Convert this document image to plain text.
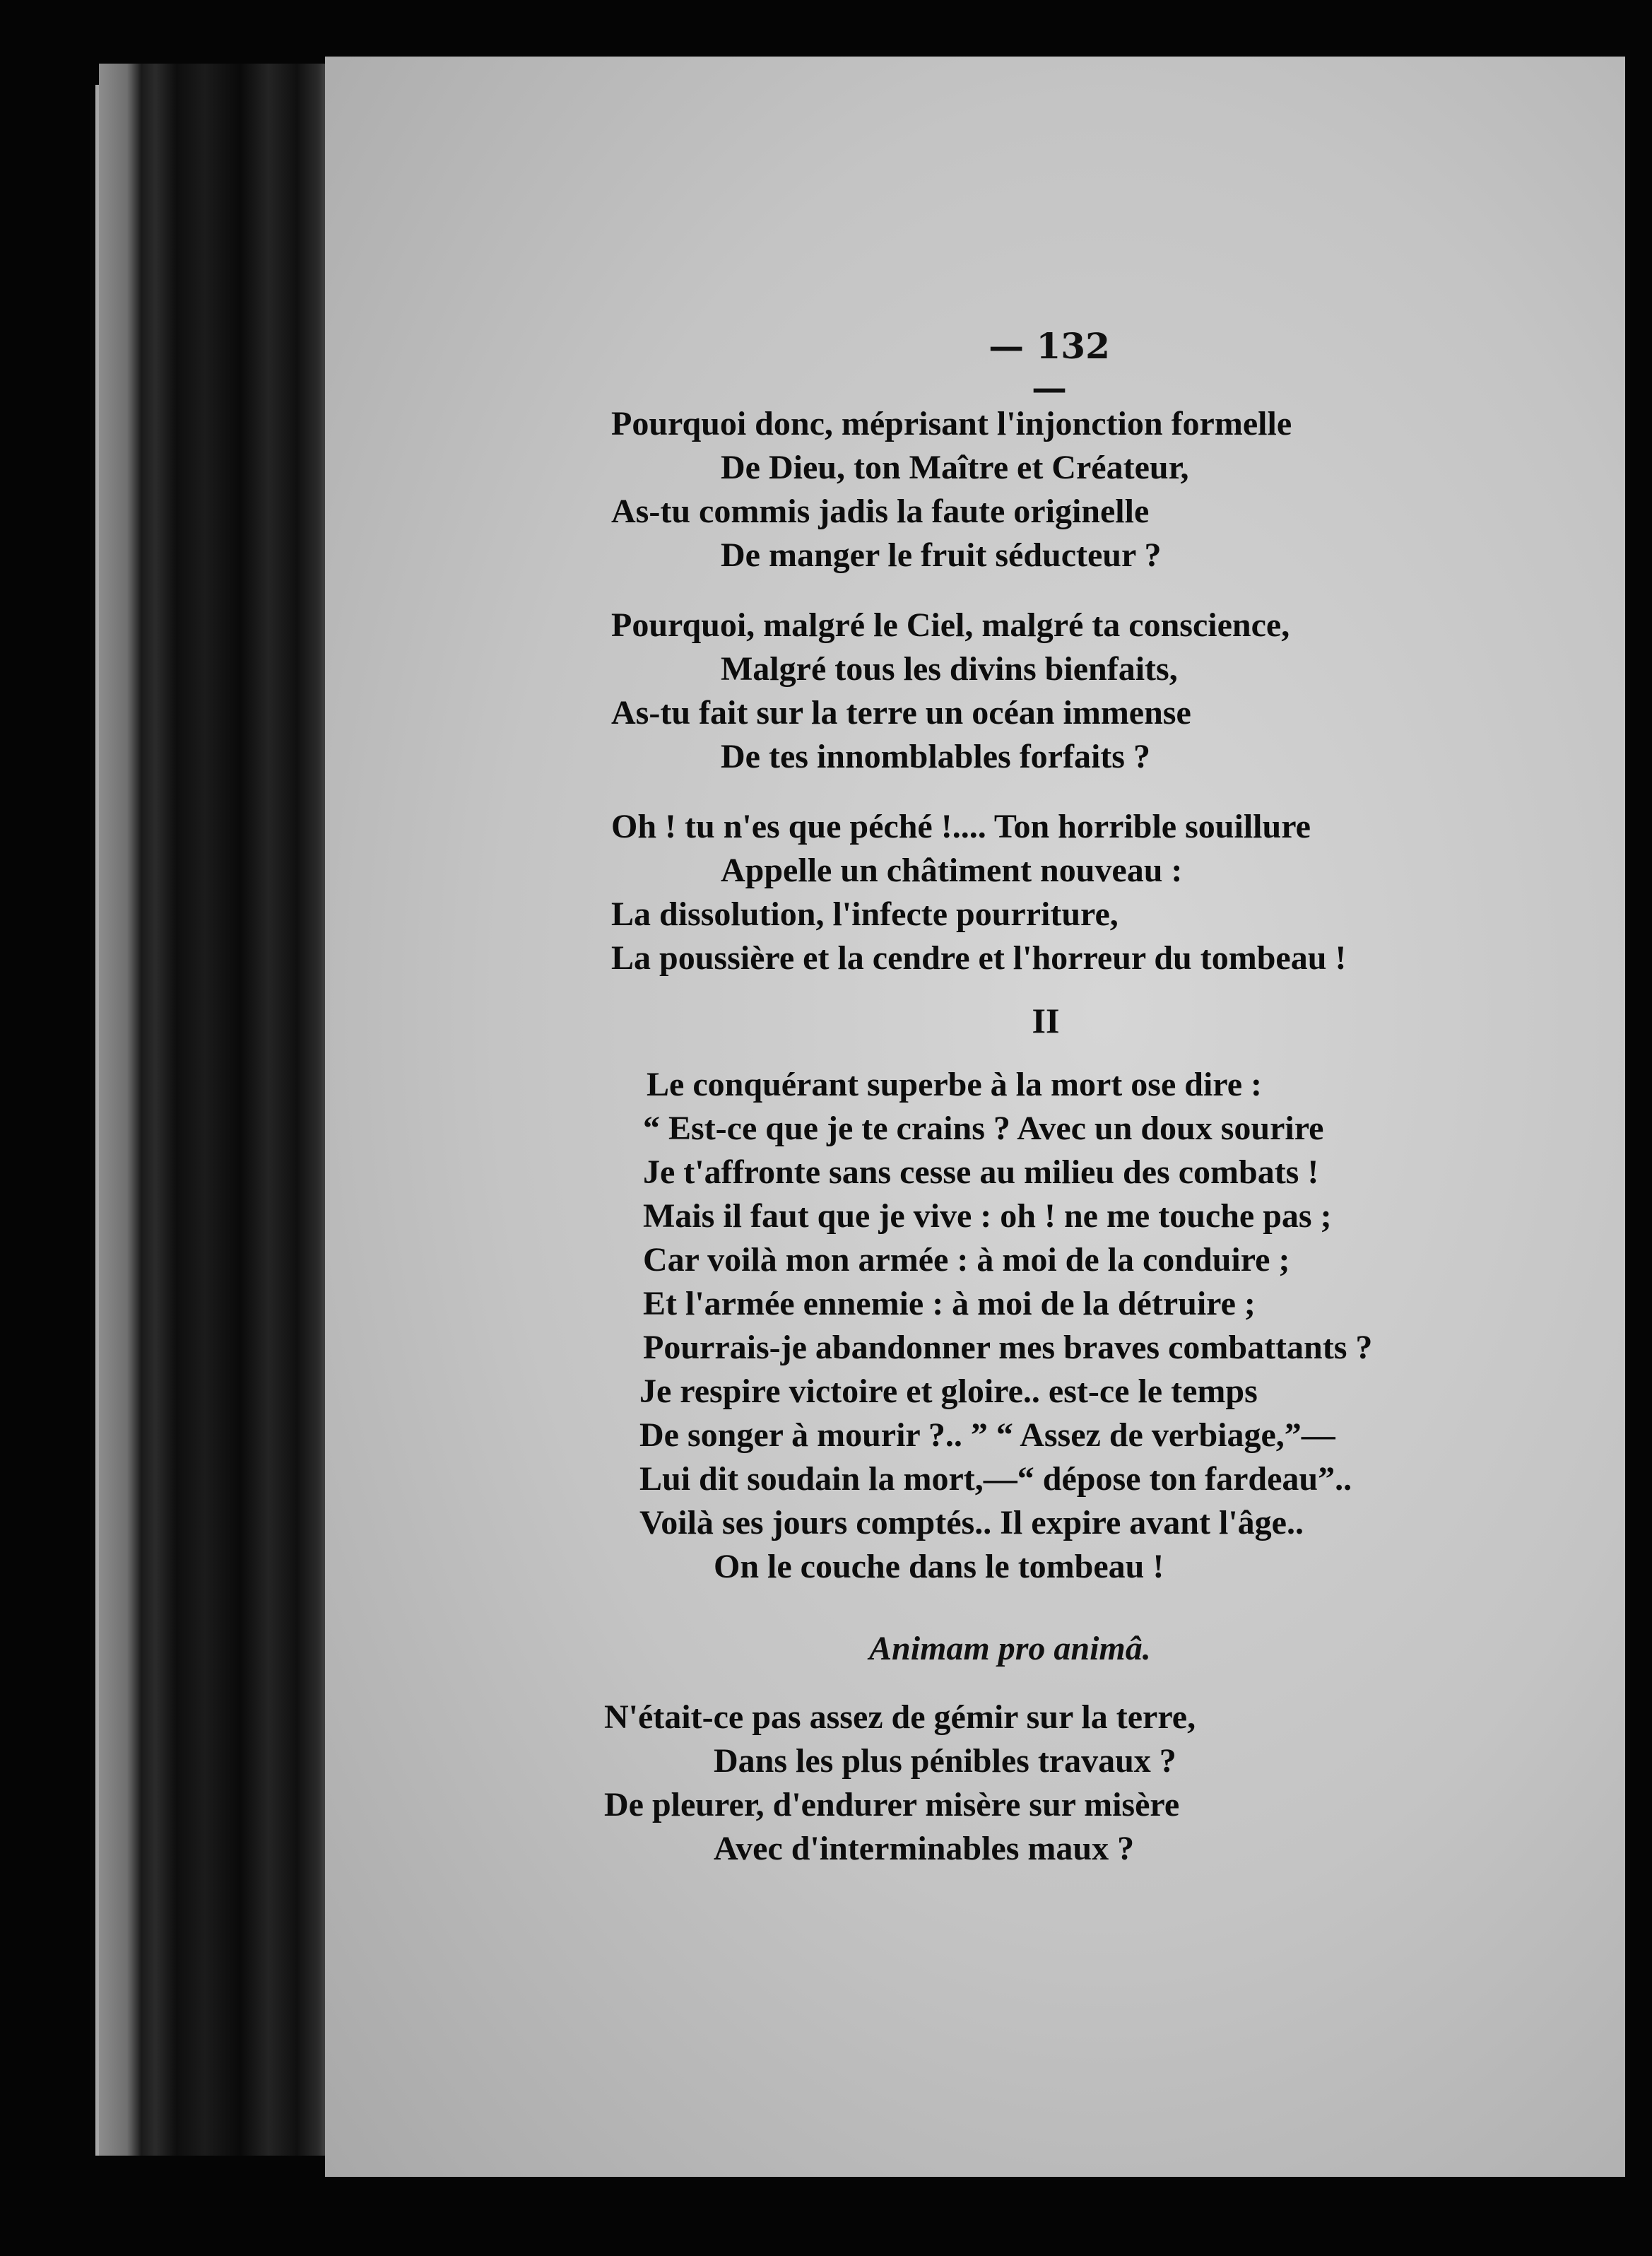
— 132 —
Pourquoi donc, méprisant l'injonction formelle
De Dieu, ton Maître et Créateur,
As-tu commis jadis la faute originelle
De manger le fruit séducteur ?
Pourquoi, malgré le Ciel, malgré ta conscience,
Malgré tous les divins bienfaits,
As-tu fait sur la terre un océan immense
De tes innomblables forfaits ?
Oh ! tu n'es que péché !.... Ton horrible souillure
Appelle un châtiment nouveau :
La dissolution, l'infecte pourriture,
La poussière et la cendre et l'horreur du tombeau !
II
Le conquérant superbe à la mort ose dire :
“ Est-ce que je te crains ? Avec un doux sourire
Je t'affronte sans cesse au milieu des combats !
Mais il faut que je vive : oh ! ne me touche pas ;
Car voilà mon armée : à moi de la conduire ;
Et l'armée ennemie : à moi de la détruire ;
Pourrais-je abandonner mes braves combattants ?
Je respire victoire et gloire.. est-ce le temps
De songer à mourir ?.. ” “ Assez de verbiage,”—
Lui dit soudain la mort,—“ dépose ton fardeau”..
Voilà ses jours comptés.. Il expire avant l'âge..
On le couche dans le tombeau !
Animam pro animâ.
N'était-ce pas assez de gémir sur la terre,
Dans les plus pénibles travaux ?
De pleurer, d'endurer misère sur misère
Avec d'interminables maux ?
